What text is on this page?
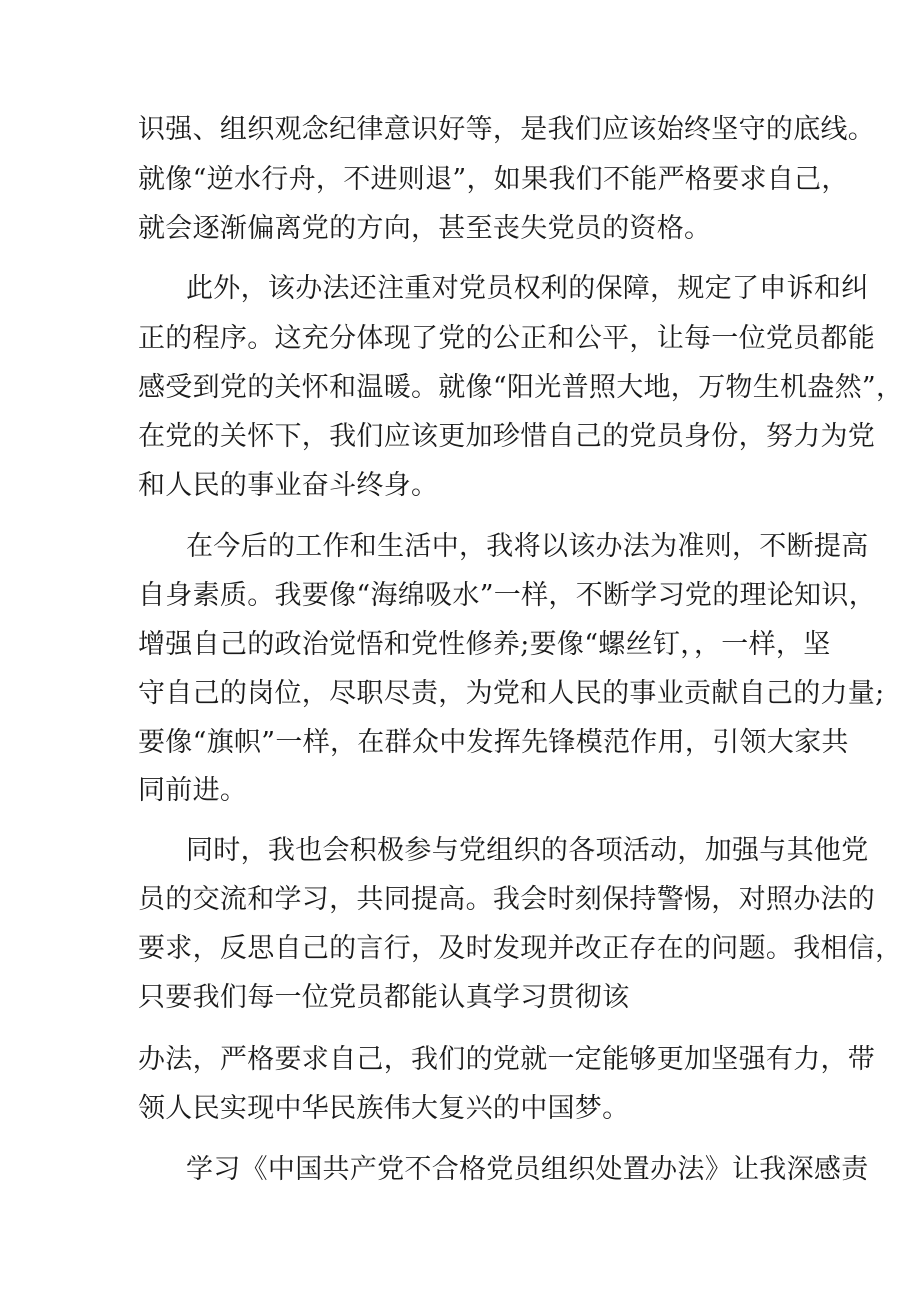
识强、组织观念纪律意识好等，是我们应该始终坚守的底线。
就像“逆水行舟，不进则退”，如果我们不能严格要求自己，
就会逐渐偏离党的方向，甚至丧失党员的资格。
此外，该办法还注重对党员权利的保障，规定了申诉和纠
正的程序。这充分体现了党的公正和公平，让每一位党员都能
感受到党的关怀和温暖。就像“阳光普照大地，万物生机盎然”，
在党的关怀下，我们应该更加珍惜自己的党员身份，努力为党
和人民的事业奋斗终身。
在今后的工作和生活中，我将以该办法为准则，不断提高
自身素质。我要像“海绵吸水”一样，不断学习党的理论知识，
增强自己的政治觉悟和党性修养;要像“螺丝钉，，一样，坚
守自己的岗位，尽职尽责，为党和人民的事业贡献自己的力量;
要像“旗帜”一样，在群众中发挥先锋模范作用，引领大家共
同前进。
同时，我也会积极参与党组织的各项活动，加强与其他党
员的交流和学习，共同提高。我会时刻保持警惕，对照办法的
要求，反思自己的言行，及时发现并改正存在的问题。我相信，
只要我们每一位党员都能认真学习贯彻该
办法，严格要求自己，我们的党就一定能够更加坚强有力，带
领人民实现中华民族伟大复兴的中国梦。
学习《中国共产党不合格党员组织处置办法》让我深感责
